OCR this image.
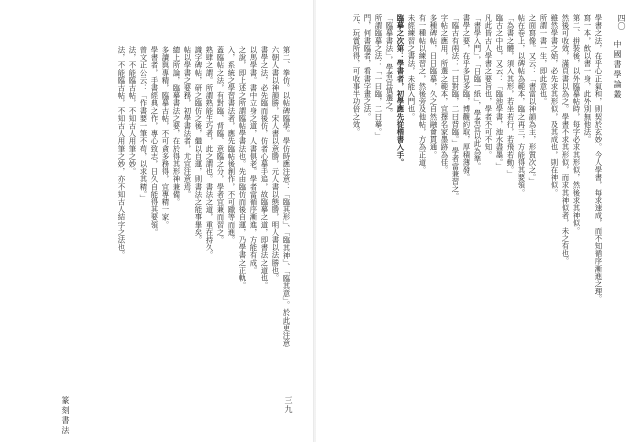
第二、拳仿。以帖碑臨學。學仿時應注意：「臨其形」、「臨其神」、「臨其意」。於此更注意
六朝人書以神韻勝，宋人書以意勝，元人書以態勝，明人書以法勝也。
書學之法，必先臨而後仿，仿者心摹手追，故臨摹之道，即書法之道也。
以馬學書。書中立身之道，人書俱老。學者當循序漸進，方能有成。
之說，即上述之所謂臨帖學書法也。先由臨仿而後自運，乃學書之正軌。
入，系統之學習書法者，應先臨帖後創作，不可躐等而進。
蓋臨帖之法，有對臨、背臨、意臨之分，學者宜兼而習之。
熟肆之謂。所謂熟能生巧者，此之謂也。書法之道，重在持久。
識字碑帖，研之臨仿之後，繼以自運，則書法之能事畢矣。
帖以學書之要務，初學書法者，尤宜注意焉。
總上所論，臨摹書法之要，在於得其形神兼備。
多讀與專精，臨摹古帖，不可貪多務得，宜專精一家。
學書者，手書經典之作，專心致志，日久自能得其要領。
曾文正公云：「作書要一筆不苟，以求其精。」
法，不能臨古帖，不知古人用筆之妙。
法，不能臨古帖，不知古人用筆之妙，亦不知古人結字之法也。
篆刻書法	三九
四〇
中國書學論叢
學書之法，在乎心正氣和，則契於玄妙。今人學書，每求速成，而不知循序漸進之理。
寫一本，飲以書一身，此外別無他法。
第二、拼裝後，以外臨摹帖時，每字必求其形似，然後求其神似。
然後可收效，滿頁書以為之。學書不求其形似，而求其神似者，未之有也。
雖然學書之始，必先求其形似，及其成也，則在神似。
所謂一書一生，即此意也。
之面寫像。又云：「書當以神韻為主，形質次之。」
帖在卷上，以碑帖為範本，臨之再三，方能得其要領。
「為書之體，須入其形，若坐若行，若飛若動。」
臨古之中也，又云：「臨池學書，池水盡墨。」
凡此皆古人學書之要旨也，學者不可不知。
「書學入門」，「日臨一紙」，學者宜以此為準。
書學之要，在乎多見多臨，博觀約取，厚積薄發。
「臨古有兩法：一曰對臨，二曰背臨。」學者當兼習之。
字帖之應用，所選之範本，宜擇名家墨跡為佳。
多種碑帖，日日臨摹，久之自然融會貫通。
有一種帖以練習之，然後旁及他帖，方為正道。
未經練習之書法，未能入門也。
臨摹之次第：學書者，初學應先從楷書入手。
「臨摹書法」，學者宜慎選之。
所謂臨摹之法：「一曰臨，二曰摹。」
門，何書臨者，看書字畫之法。
元、玩賞所得，可收事半功倍之效。
